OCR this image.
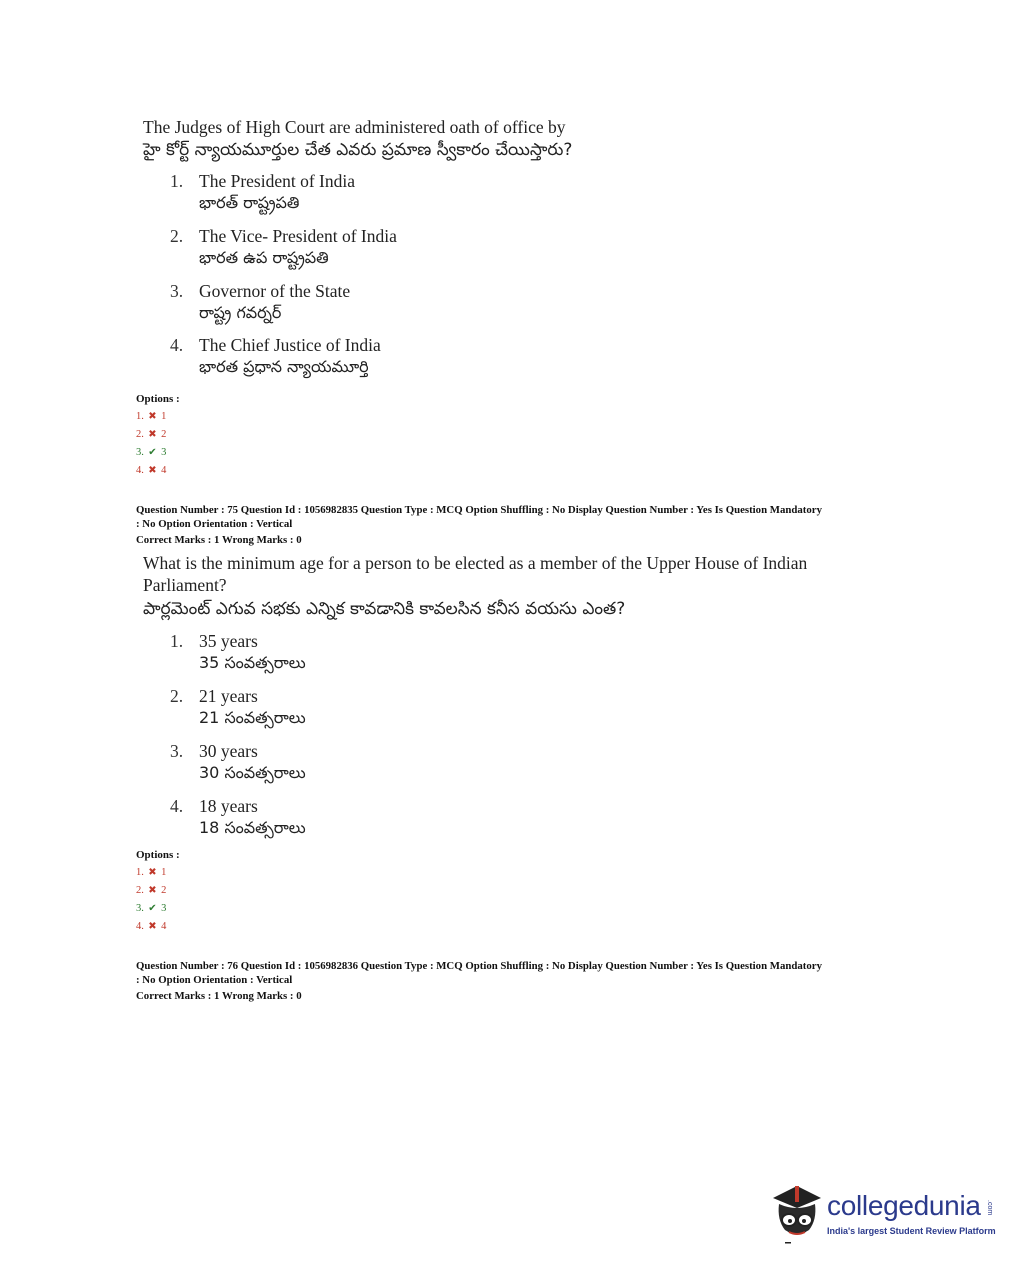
The Judges of High Court are administered oath of office by
హై కోర్ట్ న్యాయమూర్తుల చేత ఎవరు ప్రమాణ స్వీకారం చేయిస్తారు?
1. The President of India
భారత్ రాష్ట్రపతి
2. The Vice- President of India
భారత ఉప రాష్ట్రపతి
3. Governor of the State
రాష్ట్ర గవర్నర్
4. The Chief Justice of India
భారత ప్రధాన న్యాయమూర్తి
Options :
1. ✖ 1
2. ✖ 2
3. ✔ 3
4. ✖ 4
Question Number : 75 Question Id : 1056982835 Question Type : MCQ Option Shuffling : No Display Question Number : Yes Is Question Mandatory
: No Option Orientation : Vertical
Correct Marks : 1 Wrong Marks : 0
What is the minimum age for a person to be elected as a member of the Upper House of Indian Parliament?
పార్లమెంట్ ఎగువ సభకు ఎన్నిక కావడానికి కావలసిన కనీస వయసు ఎంత?
1. 35 years
35 సంవత్సరాలు
2. 21 years
21 సంవత్సరాలు
3. 30 years
30 సంవత్సరాలు
4. 18 years
18 సంవత్సరాలు
Options :
1. ✖ 1
2. ✖ 2
3. ✔ 3
4. ✖ 4
Question Number : 76 Question Id : 1056982836 Question Type : MCQ Option Shuffling : No Display Question Number : Yes Is Question Mandatory
: No Option Orientation : Vertical
Correct Marks : 1 Wrong Marks : 0
collegedunia .com
India's largest Student Review Platform
